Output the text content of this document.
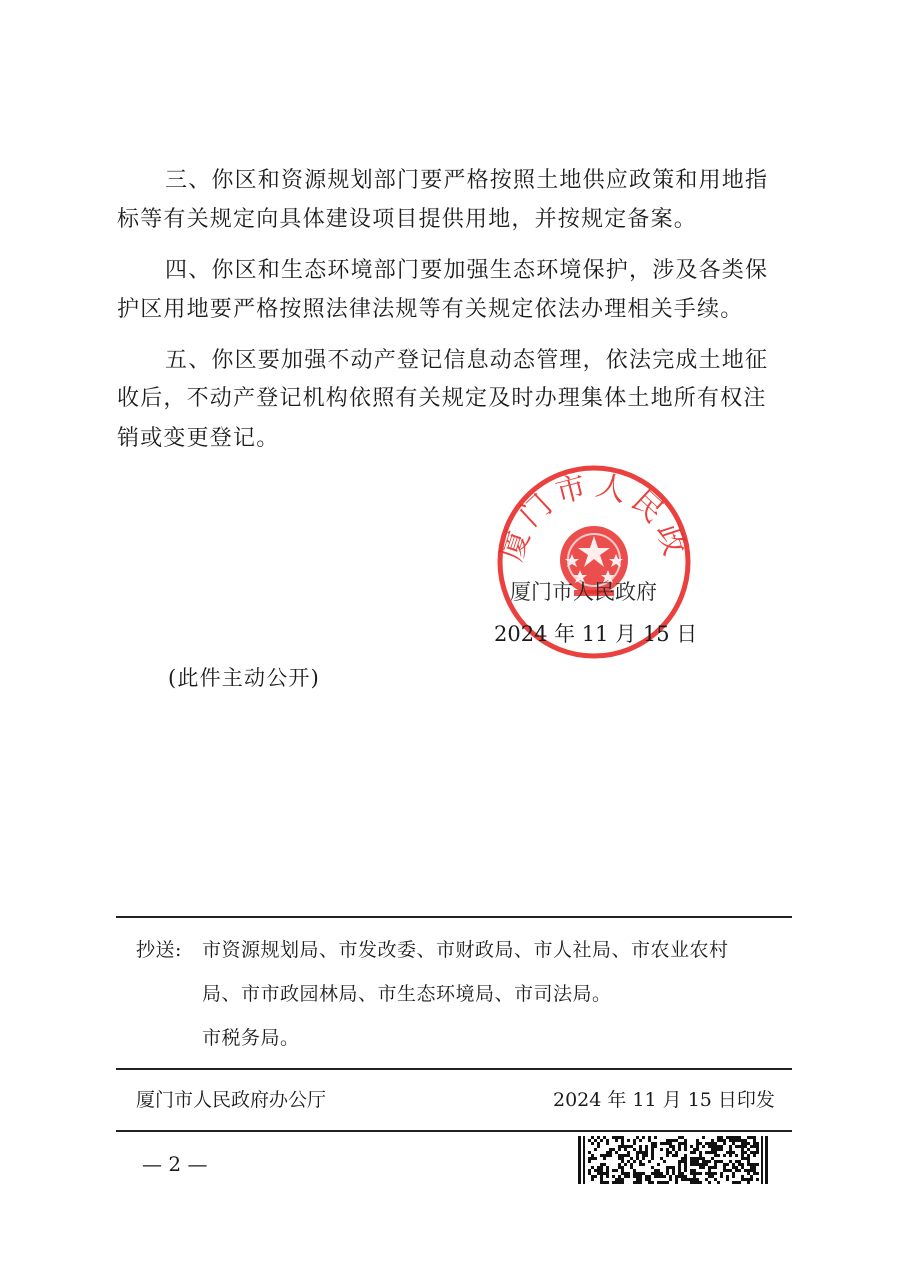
三、你区和资源规划部门要严格按照土地供应政策和用地指
标等有关规定向具体建设项目提供用地，并按规定备案。
四、你区和生态环境部门要加强生态环境保护，涉及各类保
护区用地要严格按照法律法规等有关规定依法办理相关手续。
五、你区要加强不动产登记信息动态管理，依法完成土地征
收后，不动产登记机构依照有关规定及时办理集体土地所有权注
销或变更登记。
厦门市人民政
厦门市人民政府
2024 年 11 月 15 日
(此件主动公开)
抄送: 市资源规划局、市发改委、市财政局、市人社局、市农业农村
局、市市政园林局、市生态环境局、市司法局。
市税务局。
厦门市人民政府办公厅	2024 年 11 月 15 日印发
— 2 —
